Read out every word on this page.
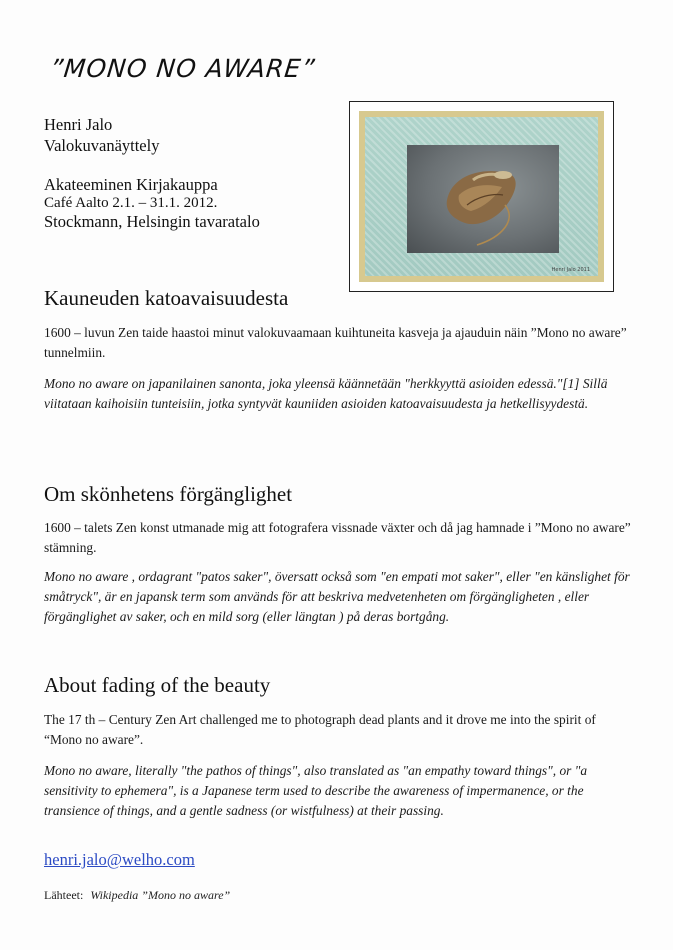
”MONO NO AWARE”
Henri Jalo
Valokuvanäyttely
Akateeminen Kirjakauppa
Café Aalto 2.1. – 31.1. 2012.
Stockmann, Helsingin tavaratalo
Henri Jalo 2011
Kauneuden katoavaisuudesta
1600 – luvun Zen taide haastoi minut valokuvaamaan kuihtuneita kasveja ja ajauduin näin ”Mono no aware” tunnelmiin.
Mono no aware on japanilainen sanonta, joka yleensä käännetään "herkkyyttä asioiden edessä."[1] Sillä viitataan kaihoisiin tunteisiin, jotka syntyvät kauniiden asioiden katoavaisuudesta ja hetkellisyydestä.
Om skönhetens förgänglighet
1600 – talets Zen konst utmanade mig att fotografera vissnade växter och då jag hamnade i ”Mono no aware” stämning.
Mono no aware , ordagrant "patos saker", översatt också som "en empati mot saker", eller "en känslighet för småtryck", är en japansk term som används för att beskriva medvetenheten om förgängligheten , eller förgänglighet av saker, och en mild sorg (eller längtan ) på deras bortgång.
About fading of the beauty
The 17 th – Century Zen Art challenged me to photograph dead plants and it drove me into the spirit of “Mono no aware”.
Mono no aware, literally "the pathos of things", also translated as "an empathy toward things", or "a sensitivity to ephemera", is a Japanese term used to describe the awareness of impermanence, or the transience of things, and a gentle sadness (or wistfulness) at their passing.
henri.jalo@welho.com
Lähteet: Wikipedia ”Mono no aware”
